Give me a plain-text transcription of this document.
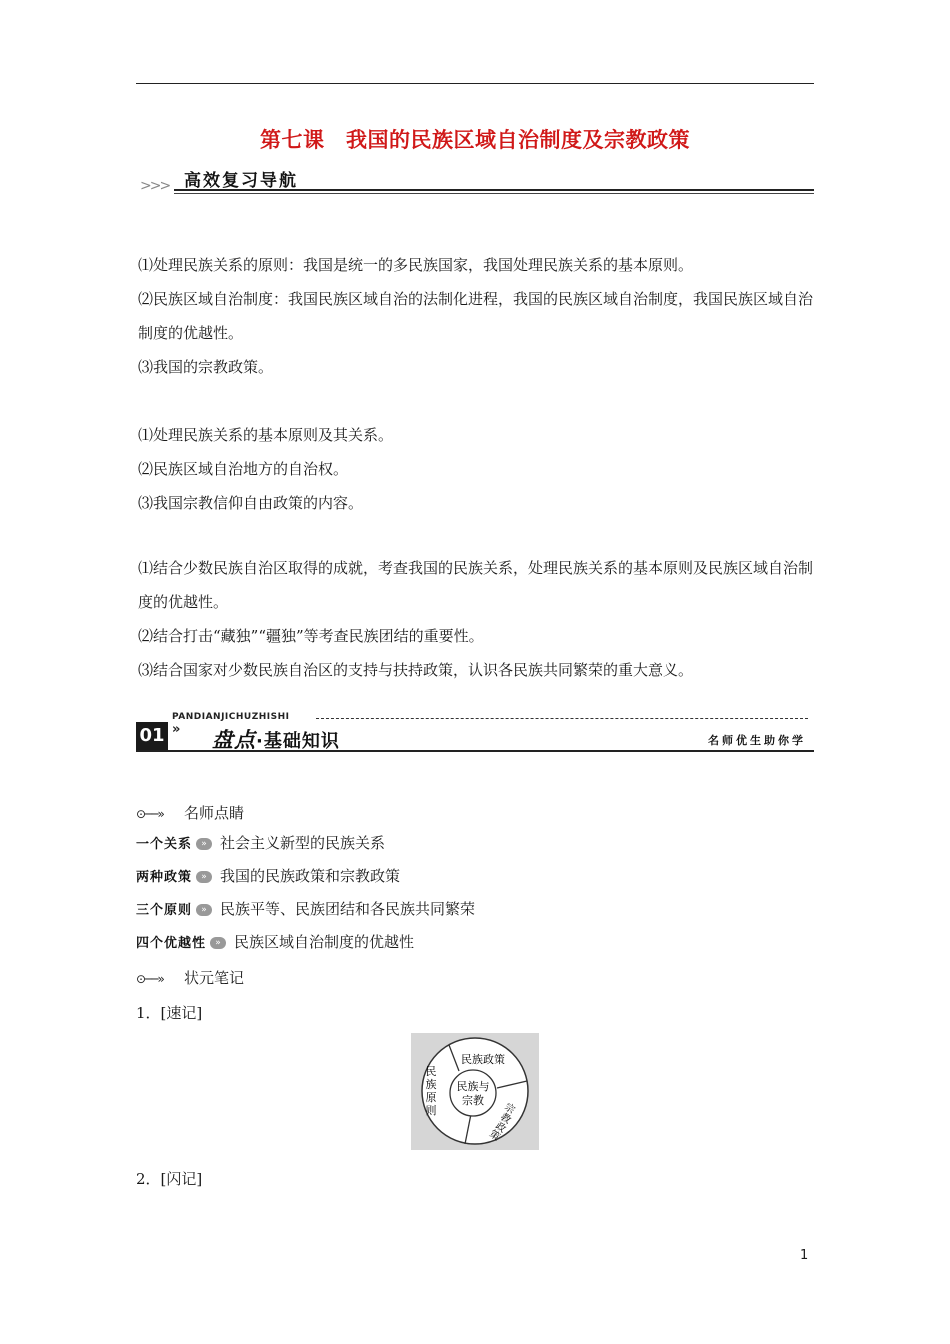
第七课　我国的民族区域自治制度及宗教政策
>>> 高效复习导航

⑴处理民族关系的原则：我国是统一的多民族国家，我国处理民族关系的基本原则。

⑵民族区域自治制度：我国民族区域自治的法制化进程，我国的民族区域自治制度，我国民族区域自治制度的优越性。

⑶我国的宗教政策。

⑴处理民族关系的基本原则及其关系。

⑵民族区域自治地方的自治权。

⑶我国宗教信仰自由政策的内容。

⑴结合少数民族自治区取得的成就，考查我国的民族关系，处理民族关系的基本原则及民族区域自治制度的优越性。

⑵结合打击“藏独”“疆独”等考查民族团结的重要性。

⑶结合国家对少数民族自治区的支持与扶持政策，认识各民族共同繁荣的重大意义。

PANDIANJICHUZHISHI
01 » 盘点·基础知识	名师优生助你学
⊙──» 名师点睛
一个关系 » 社会主义新型的民族关系
两种政策 » 我国的民族政策和宗教政策
三个原则 » 民族平等、民族团结和各民族共同繁荣
四个优越性 » 民族区域自治制度的优越性
⊙──» 状元笔记
1．[速记]
民族与
宗教
民族政策
民
族
原
则	宗
教
政
策
2．[闪记]
1
